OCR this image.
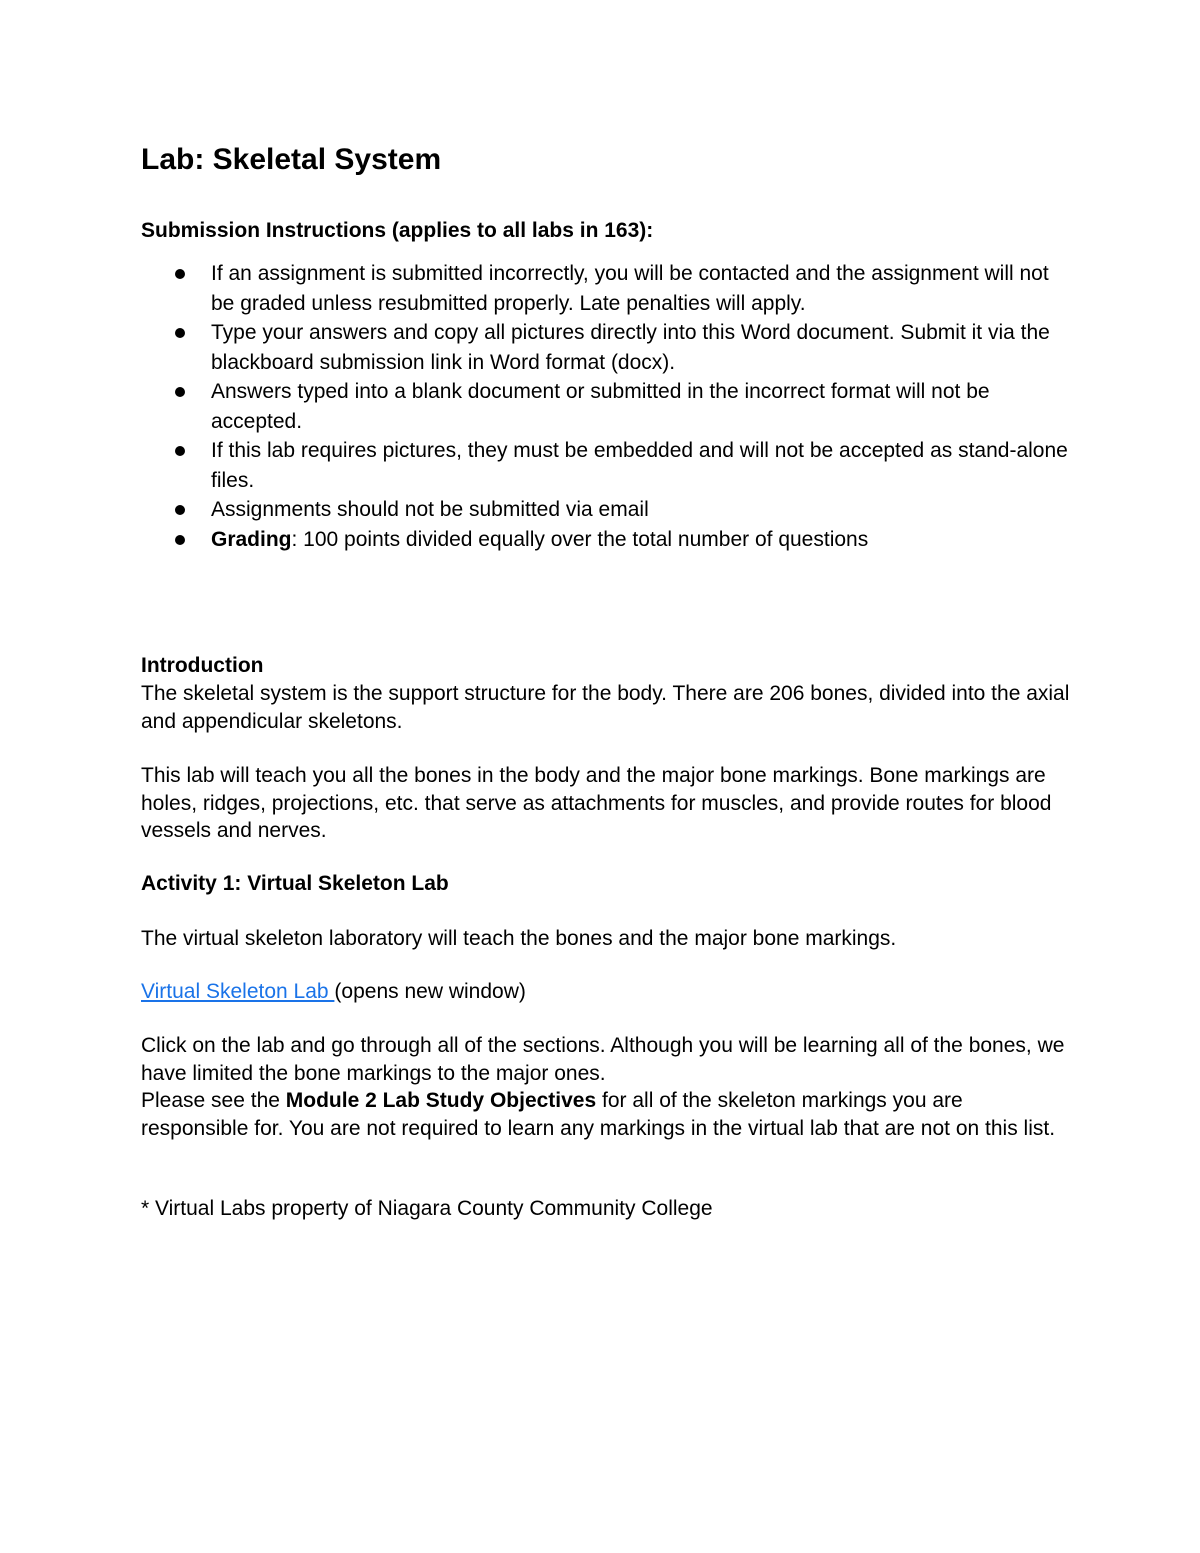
Lab: Skeletal System
Submission Instructions (applies to all labs in 163):
If an assignment is submitted incorrectly, you will be contacted and the assignment will not be graded unless resubmitted properly. Late penalties will apply.
Type your answers and copy all pictures directly into this Word document. Submit it via the blackboard submission link in Word format (docx).
Answers typed into a blank document or submitted in the incorrect format will not be accepted.
If this lab requires pictures, they must be embedded and will not be accepted as stand-alone files.
Assignments should not be submitted via email
Grading: 100 points divided equally over the total number of questions
Introduction

The skeletal system is the support structure for the body. There are 206 bones, divided into the axial and appendicular skeletons.

This lab will teach you all the bones in the body and the major bone markings. Bone markings are holes, ridges, projections, etc. that serve as attachments for muscles, and provide routes for blood vessels and nerves.

Activity 1: Virtual Skeleton Lab

The virtual skeleton laboratory will teach the bones and the major bone markings.

Virtual Skeleton Lab (opens new window)

Click on the lab and go through all of the sections. Although you will be learning all of the bones, we have limited the bone markings to the major ones.

Please see the Module 2 Lab Study Objectives for all of the skeleton markings you are responsible for. You are not required to learn any markings in the virtual lab that are not on this list.

* Virtual Labs property of Niagara County Community College
